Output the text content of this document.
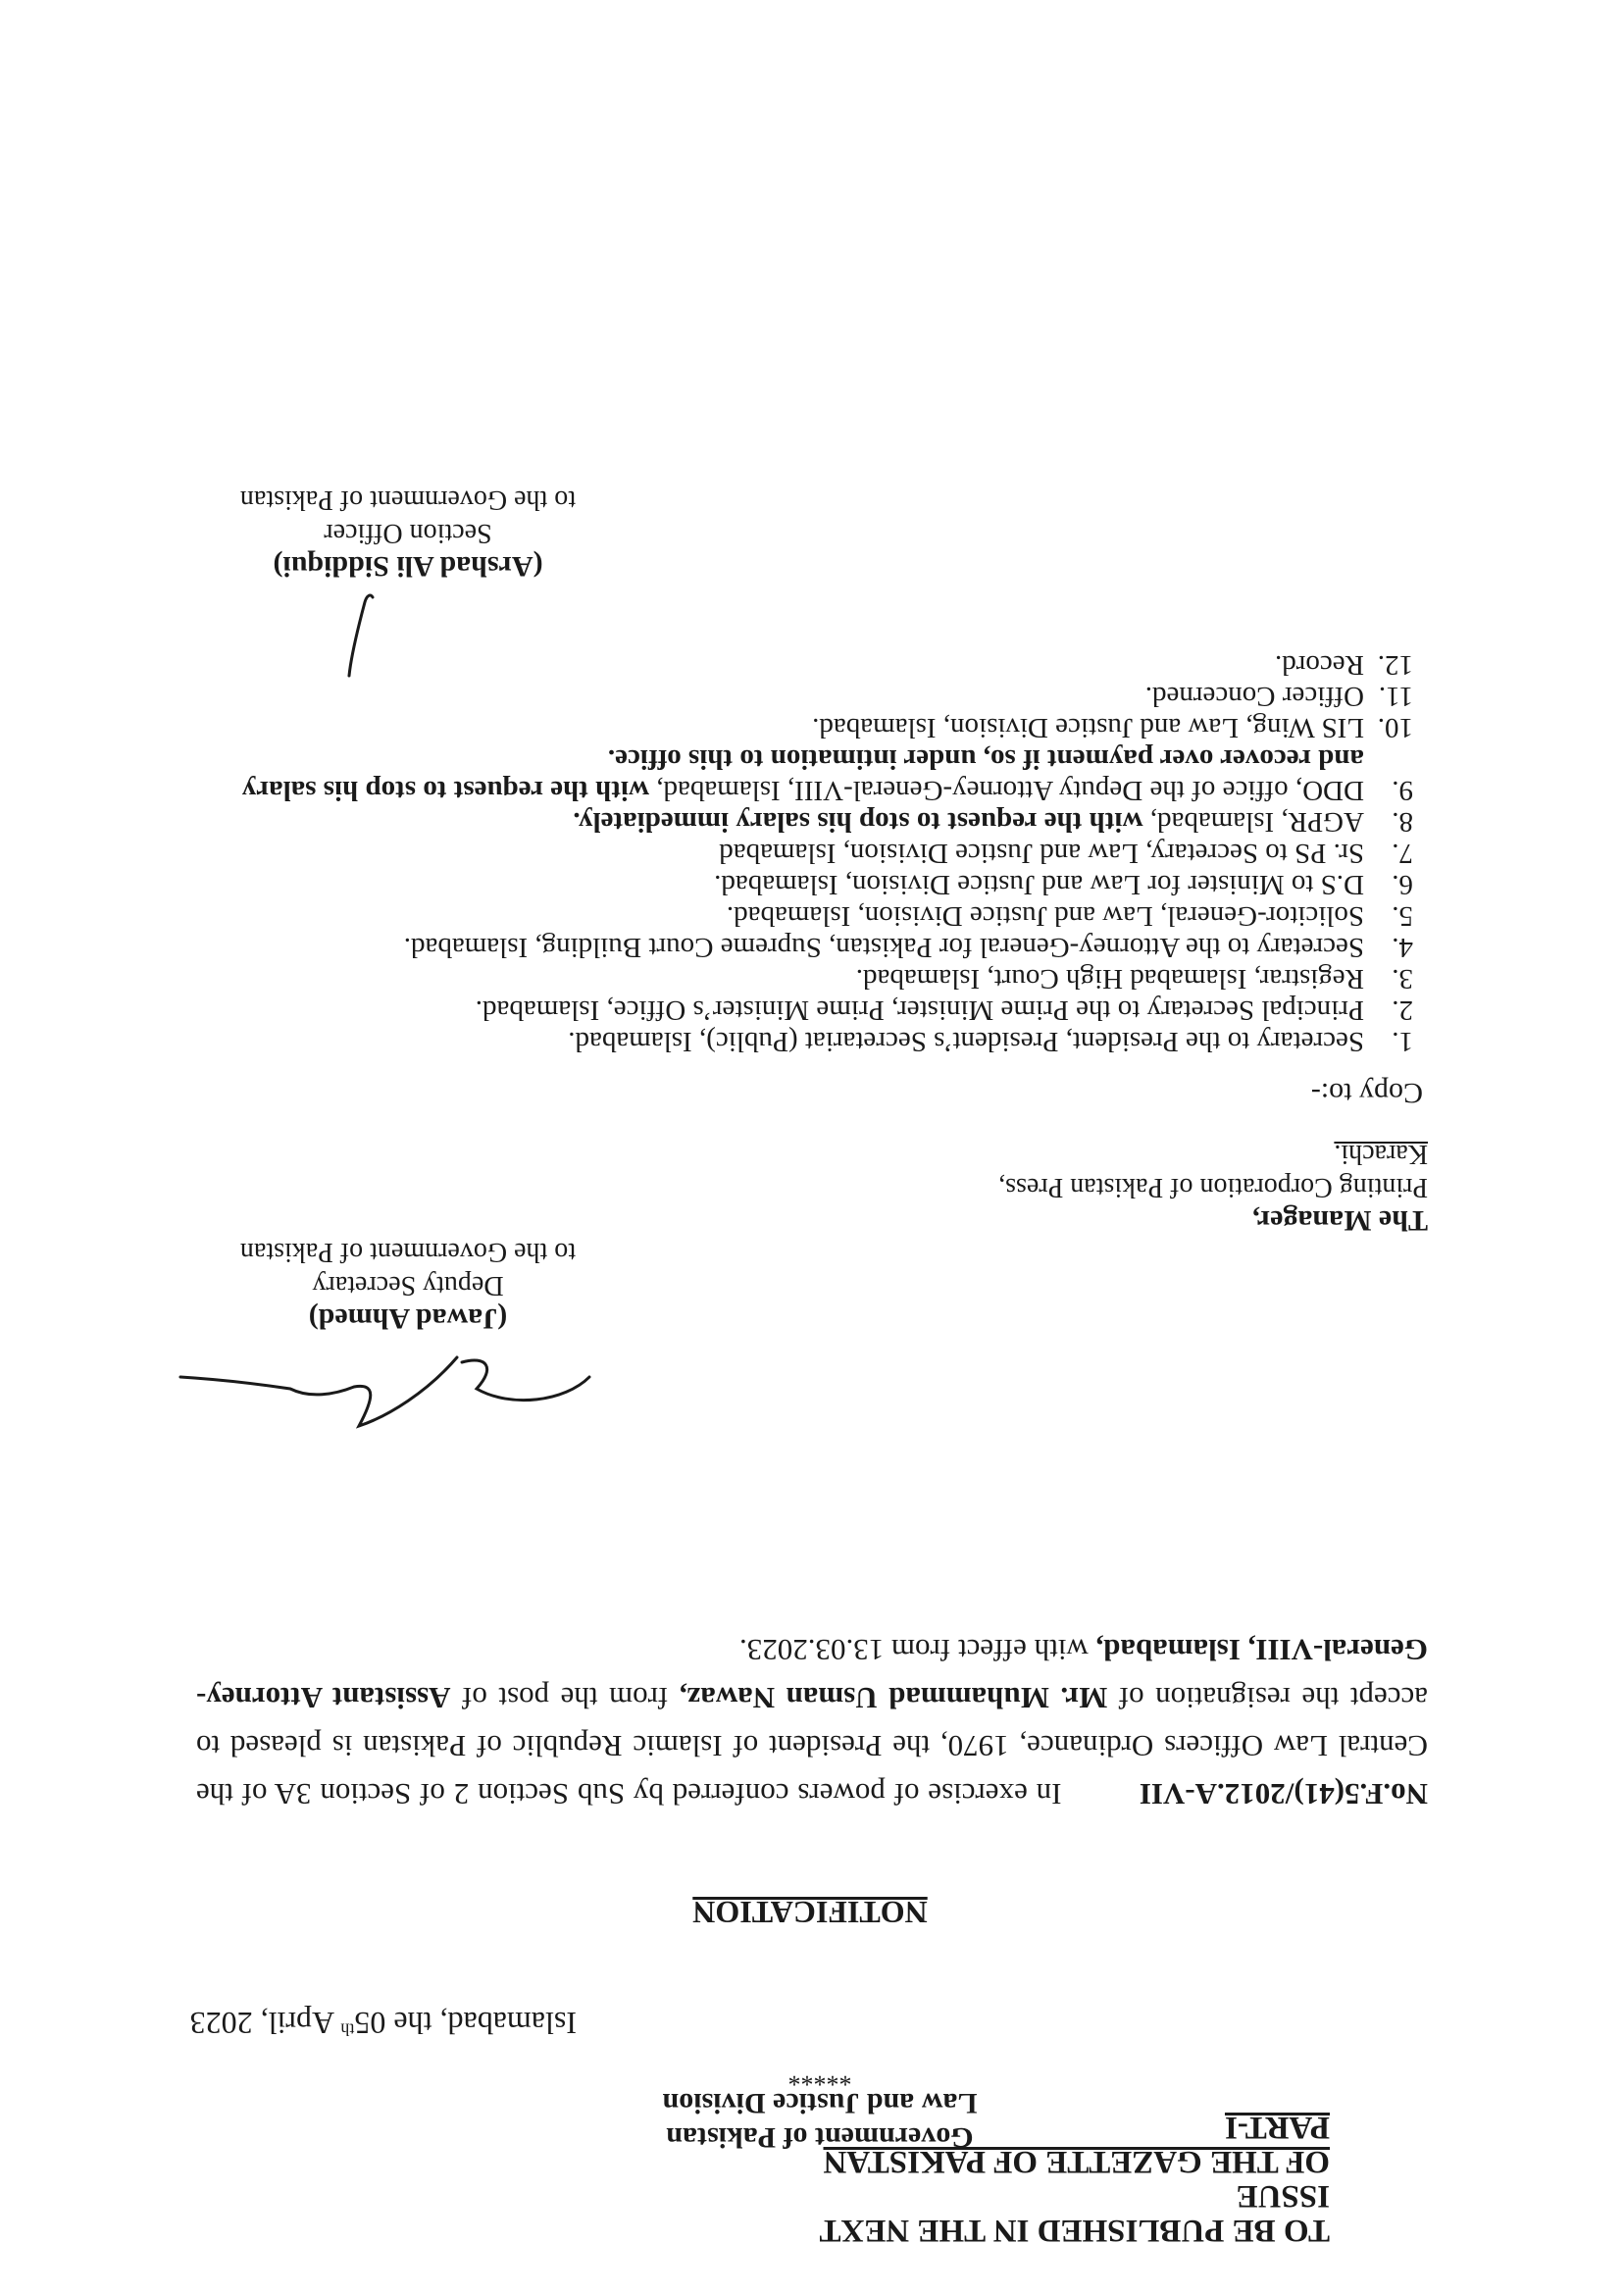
TO BE PUBLISHED IN THE NEXT ISSUE
OF THE GAZETTE OF PAKISTAN PART-I
Government of Pakistan
Law and Justice Division
*****
Islamabad, the 05th April, 2023
NOTIFICATION
No.F.5(41)/2012.A-VII         In exercise of powers conferred by Sub Section 2 of Section 3A of the Central Law Officers Ordinance, 1970, the President of Islamic Republic of Pakistan is pleased to accept the resignation of Mr. Muhammad Usman Nawaz, from the post of Assistant Attorney-General-VIII, Islamabad, with effect from 13.03.2023.
(Jawad Ahmed)
Deputy Secretary
to the Government of Pakistan
The Manager,
Printing Corporation of Pakistan Press,
Karachi.
Copy to:-
1.
Secretary to the President, President’s Secretariat (Public), Islamabad.
2.
Principal Secretary to the Prime Minister, Prime Minister’s Office, Islamabad.
3.
Registrar, Islamabad High Court, Islamabad.
4.
Secretary to the Attorney-General for Pakistan, Supreme Court Building, Islamabad.
5.
Solicitor-General, Law and Justice Division, Islamabad.
6.
D.S to Minister for Law and Justice Division, Islamabad.
7.
Sr. PS to Secretary, Law and Justice Division, Islamabad
8.
AGPR, Islamabad, with the request to stop his salary immediately.
9.
DDO, office of the Deputy Attorney-General-VIII, Islamabad, with the request to stop his salary and recover over payment if so, under intimation to this office.
10.
LIS Wing, Law and Justice Division, Islamabad.
11.
Officer Concerned.
12.
Record.
(Arshad Ali Siddiqui)
Section Officer
to the Government of Pakistan
